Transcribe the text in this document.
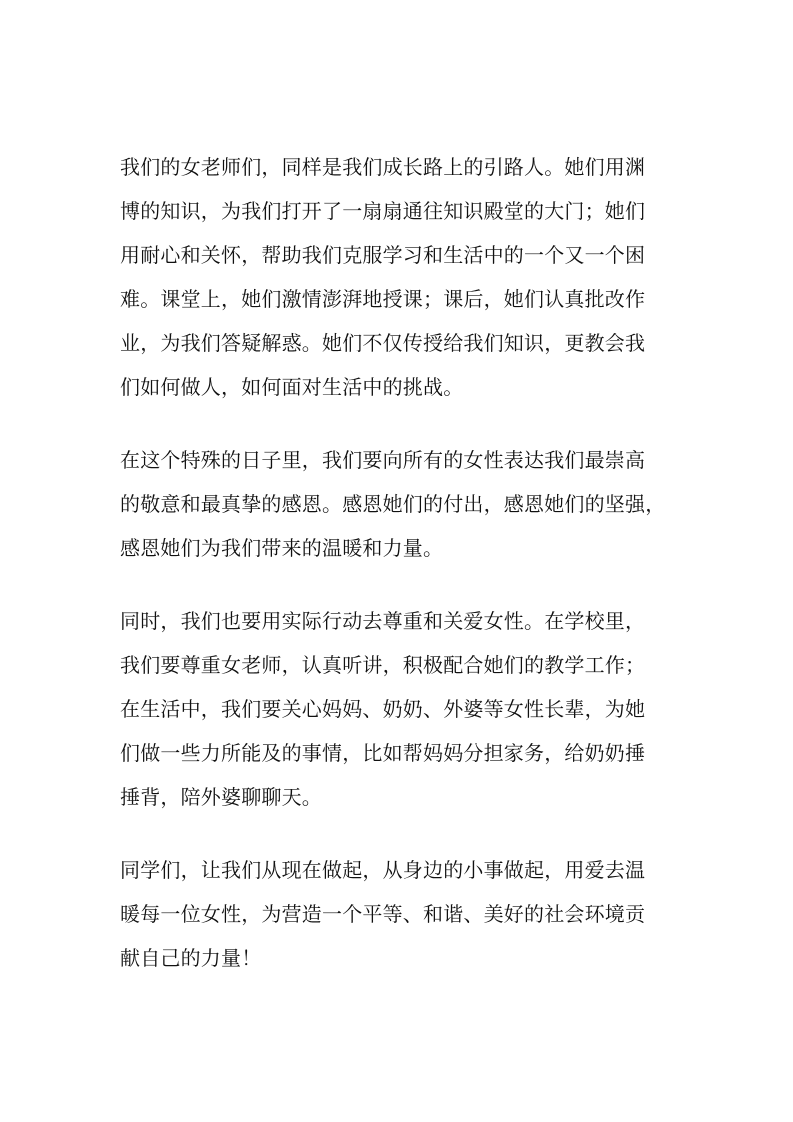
我们的女老师们，同样是我们成长路上的引路人。她们用渊
博的知识，为我们打开了一扇扇通往知识殿堂的大门；她们
用耐心和关怀，帮助我们克服学习和生活中的一个又一个困
难。课堂上，她们激情澎湃地授课；课后，她们认真批改作
业，为我们答疑解惑。她们不仅传授给我们知识，更教会我
们如何做人，如何面对生活中的挑战。
在这个特殊的日子里，我们要向所有的女性表达我们最崇高
的敬意和最真挚的感恩。感恩她们的付出，感恩她们的坚强，
感恩她们为我们带来的温暖和力量。
同时，我们也要用实际行动去尊重和关爱女性。在学校里，
我们要尊重女老师，认真听讲，积极配合她们的教学工作；
在生活中，我们要关心妈妈、奶奶、外婆等女性长辈，为她
们做一些力所能及的事情，比如帮妈妈分担家务，给奶奶捶
捶背，陪外婆聊聊天。
同学们，让我们从现在做起，从身边的小事做起，用爱去温
暖每一位女性，为营造一个平等、和谐、美好的社会环境贡
献自己的力量！
